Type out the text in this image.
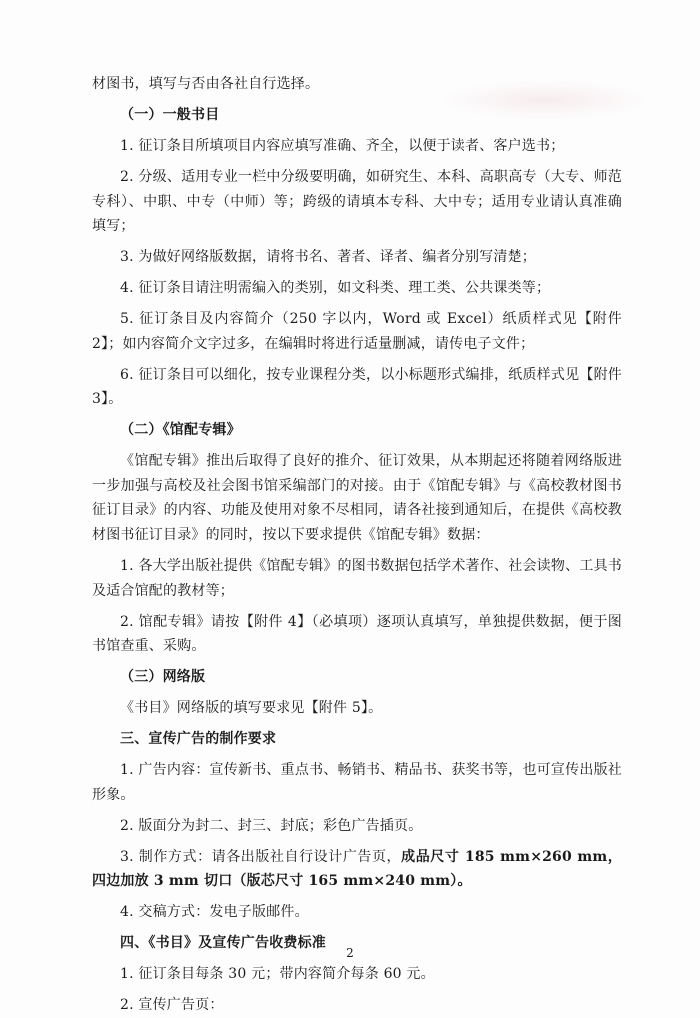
材图书，填写与否由各社自行选择。

（一）一般书目

1. 征订条目所填项目内容应填写准确、齐全，以便于读者、客户选书；

2. 分级、适用专业一栏中分级要明确，如研究生、本科、高职高专（大专、师范专科）、中职、中专（中师）等；跨级的请填本专科、大中专；适用专业请认真准确填写；

3. 为做好网络版数据，请将书名、著者、译者、编者分别写清楚；

4. 征订条目请注明需编入的类别，如文科类、理工类、公共课类等；

5. 征订条目及内容简介（250 字以内，Word 或 Excel）纸质样式见【附件 2】；如内容简介文字过多，在编辑时将进行适量删减，请传电子文件；

6. 征订条目可以细化，按专业课程分类，以小标题形式编排，纸质样式见【附件 3】。

（二）《馆配专辑》

《馆配专辑》推出后取得了良好的推介、征订效果，从本期起还将随着网络版进一步加强与高校及社会图书馆采编部门的对接。由于《馆配专辑》与《高校教材图书征订目录》的内容、功能及使用对象不尽相同，请各社接到通知后，在提供《高校教材图书征订目录》的同时，按以下要求提供《馆配专辑》数据：

1. 各大学出版社提供《馆配专辑》的图书数据包括学术著作、社会读物、工具书及适合馆配的教材等；

2. 馆配专辑》请按【附件 4】（必填项）逐项认真填写，单独提供数据，便于图书馆查重、采购。

（三）网络版

《书目》网络版的填写要求见【附件 5】。

三、宣传广告的制作要求

1. 广告内容：宣传新书、重点书、畅销书、精品书、获奖书等，也可宣传出版社形象。

2. 版面分为封二、封三、封底；彩色广告插页。

3. 制作方式：请各出版社自行设计广告页，成品尺寸 185 mm×260 mm，四边加放 3 mm 切口（版芯尺寸 165 mm×240 mm）。

4. 交稿方式：发电子版邮件。

四、《书目》及宣传广告收费标准

1. 征订条目每条 30 元；带内容简介每条 60 元。

2. 宣传广告页：

2
